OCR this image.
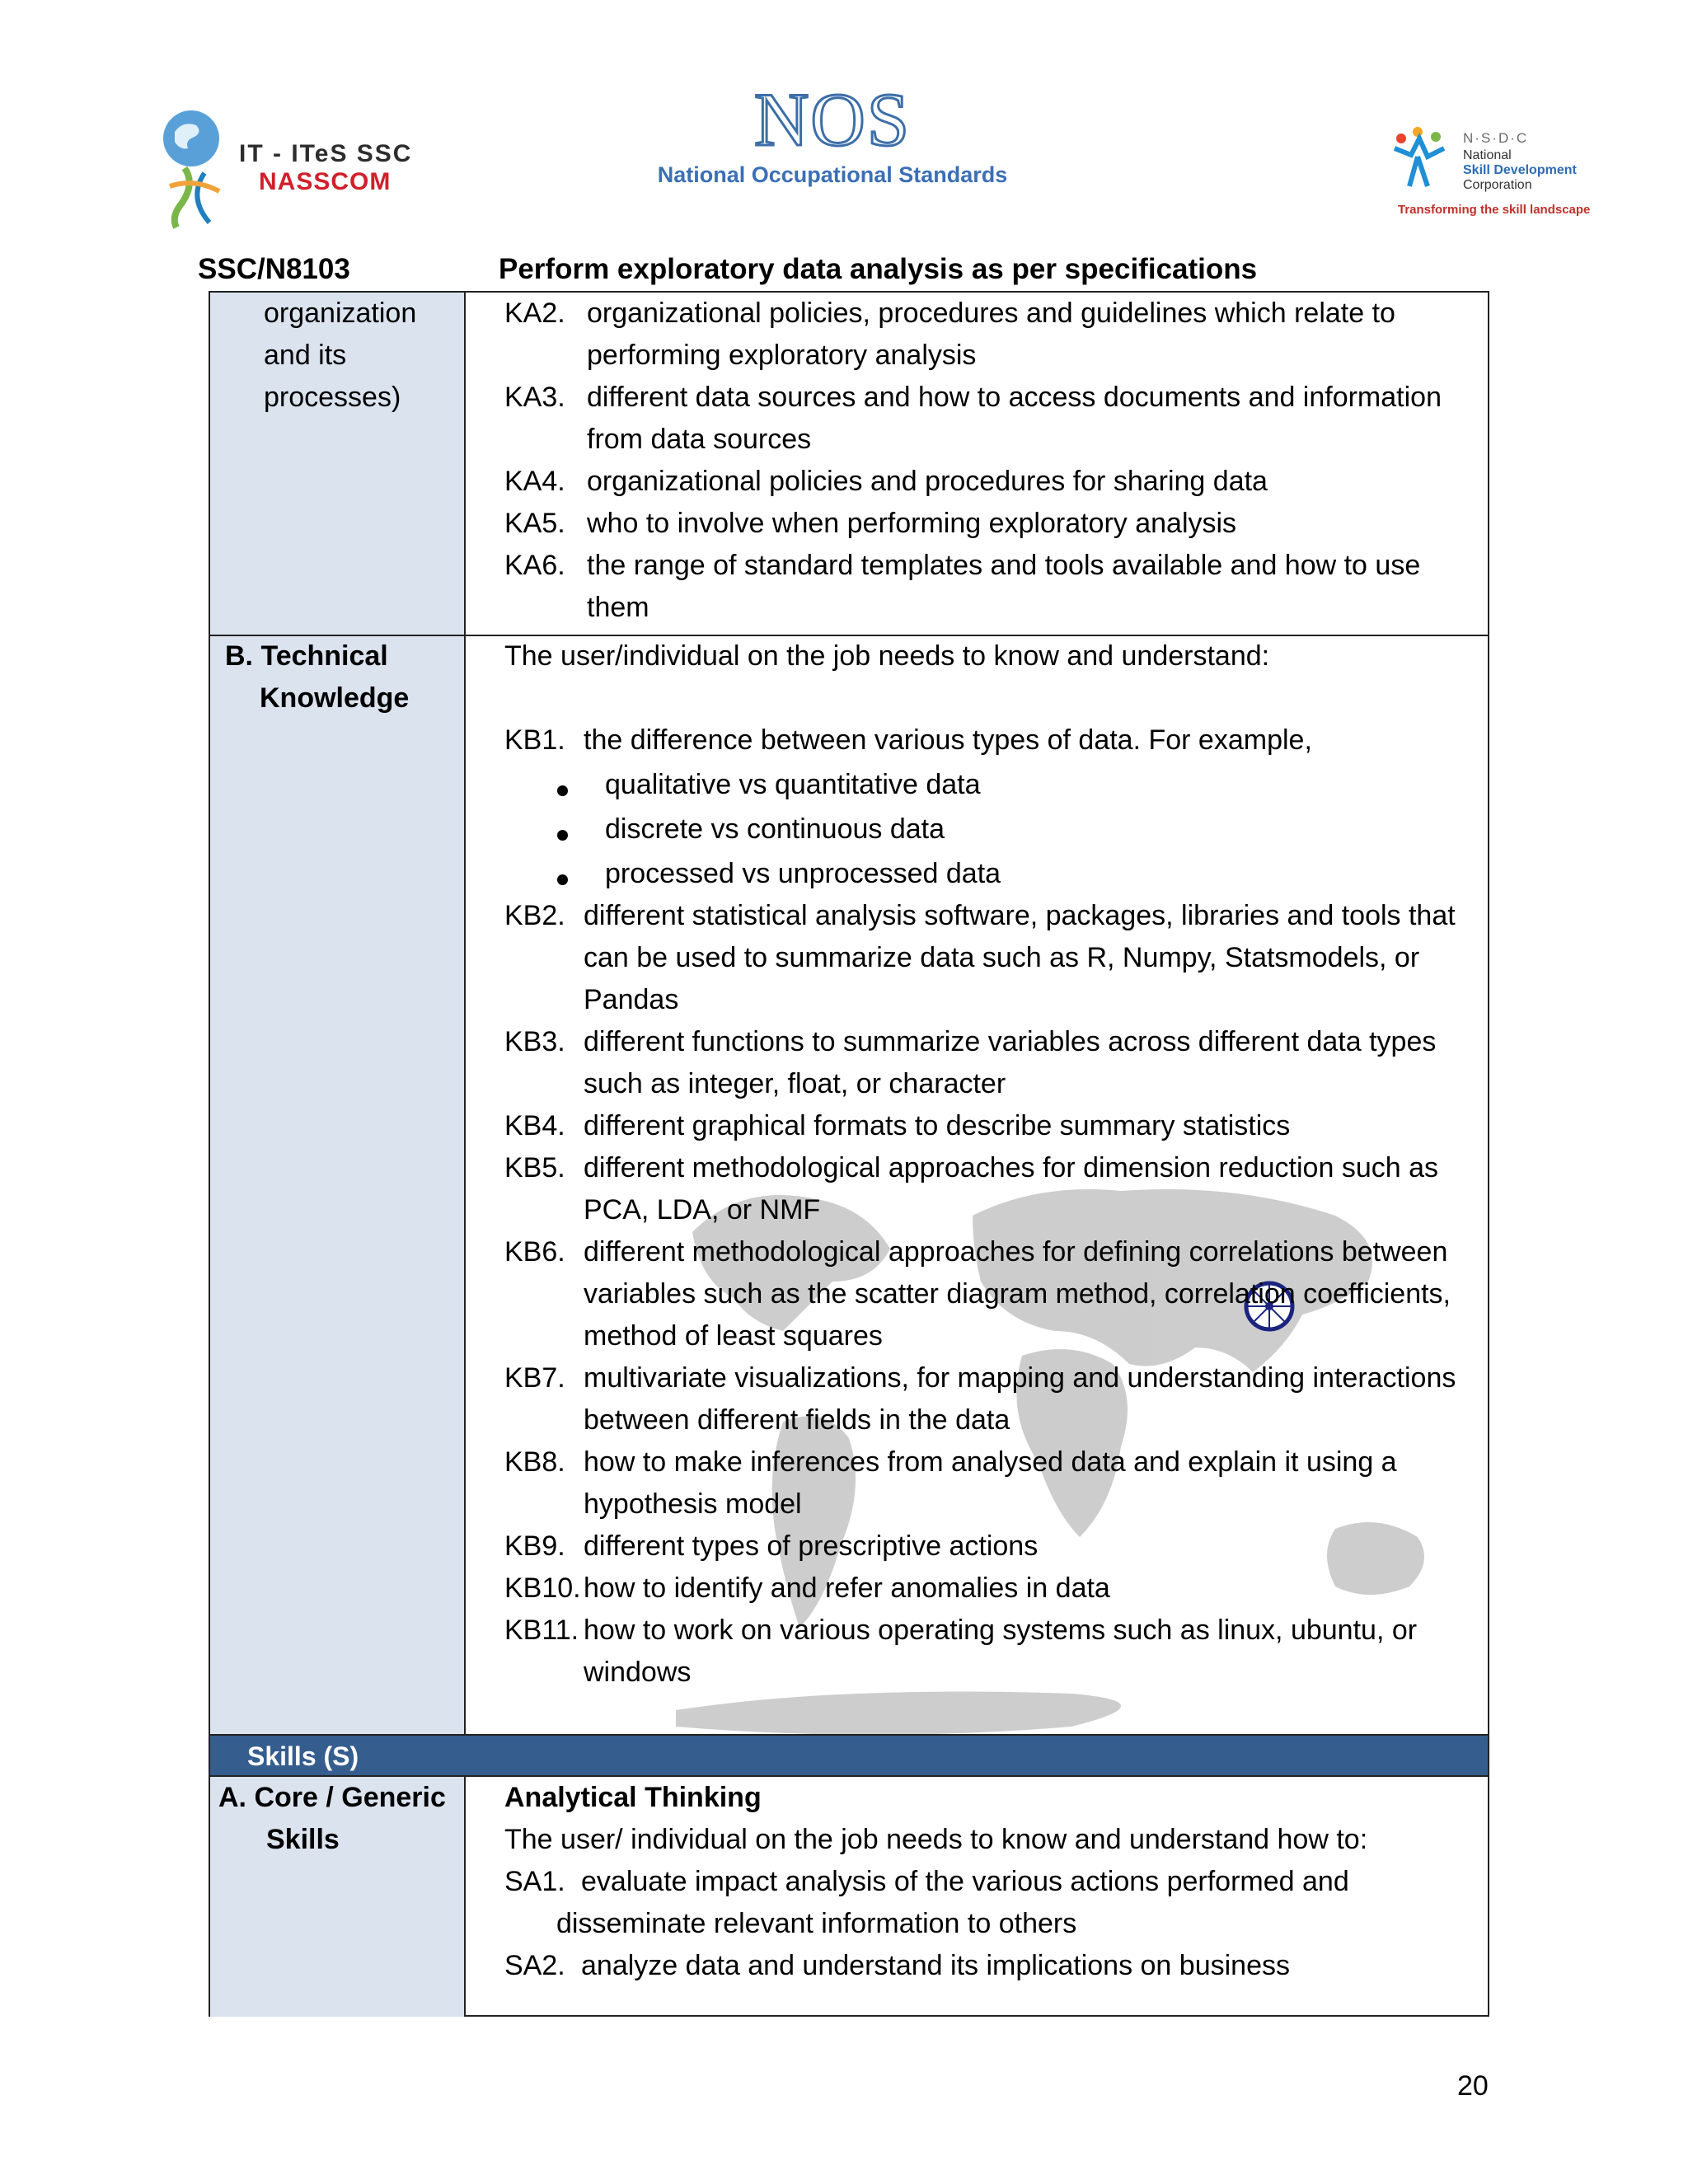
IT - ITeS SSC
NASSCOM
NOS
National Occupational Standards
N·S·D·C
National
Skill Development
Corporation
Transforming the skill landscape
SSC/N8103	Perform exploratory data analysis as per specifications
organization
and its
processes)
KA2. organizational policies, procedures and guidelines which relate to
performing exploratory analysis
KA3. different data sources and how to access documents and information
from data sources
KA4. organizational policies and procedures for sharing data
KA5. who to involve when performing exploratory analysis
KA6. the range of standard templates and tools available and how to use
them
B. Technical
Knowledge
The user/individual on the job needs to know and understand:
KB1. the difference between various types of data. For example,
qualitative vs quantitative data
discrete vs continuous data
processed vs unprocessed data
KB2. different statistical analysis software, packages, libraries and tools that
can be used to summarize data such as R, Numpy, Statsmodels, or
Pandas
KB3. different functions to summarize variables across different data types
such as integer, float, or character
KB4. different graphical formats to describe summary statistics
KB5. different methodological approaches for dimension reduction such as
PCA, LDA, or NMF
KB6. different methodological approaches for defining correlations between
variables such as the scatter diagram method, correlation coefficients,
method of least squares
KB7. multivariate visualizations, for mapping and understanding interactions
between different fields in the data
KB8. how to make inferences from analysed data and explain it using a
hypothesis model
KB9. different types of prescriptive actions
KB10. how to identify and refer anomalies in data
KB11. how to work on various operating systems such as linux, ubuntu, or
windows
Skills (S)
A. Core / Generic
Skills
Analytical Thinking
The user/ individual on the job needs to know and understand how to:
SA1. evaluate impact analysis of the various actions performed and
disseminate relevant information to others
SA2. analyze data and understand its implications on business
20
